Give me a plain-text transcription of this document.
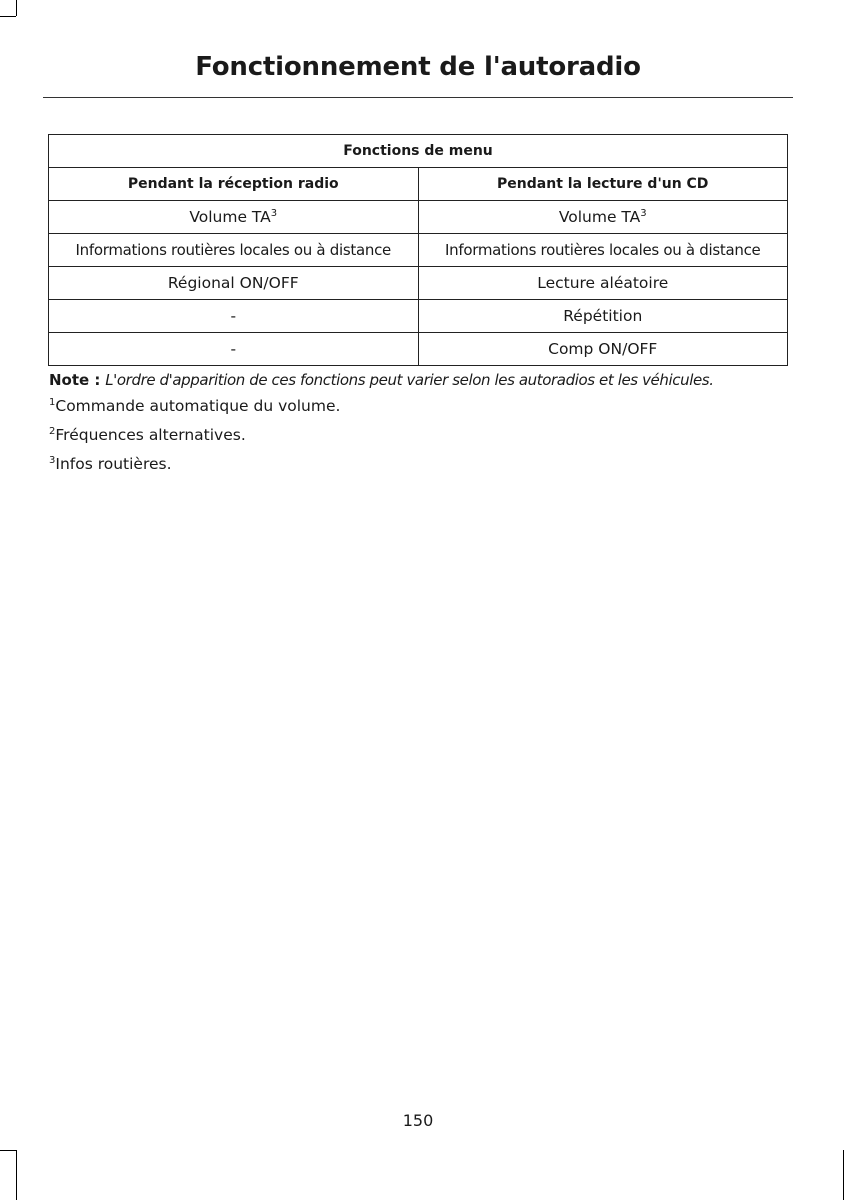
Fonctionnement de l'autoradio
Fonctions de menu	
Pendant la réception radio	Pendant la lecture d'un CD
Volume $TA^3$	Volume $TA^3$
Informations routières locales ou à distance	Informations routières locales ou à distance
Régional ON/OFF	Lecture aléatoire
-	Répétition
-	Comp ON/OFF
Note : L'ordre d'apparition de ces fonctions peut varier selon les autoradios et les véhicules.
$^1$Commande automatique du volume.
$^2$Fréquences alternatives.
$^3$Infos routières.
150
